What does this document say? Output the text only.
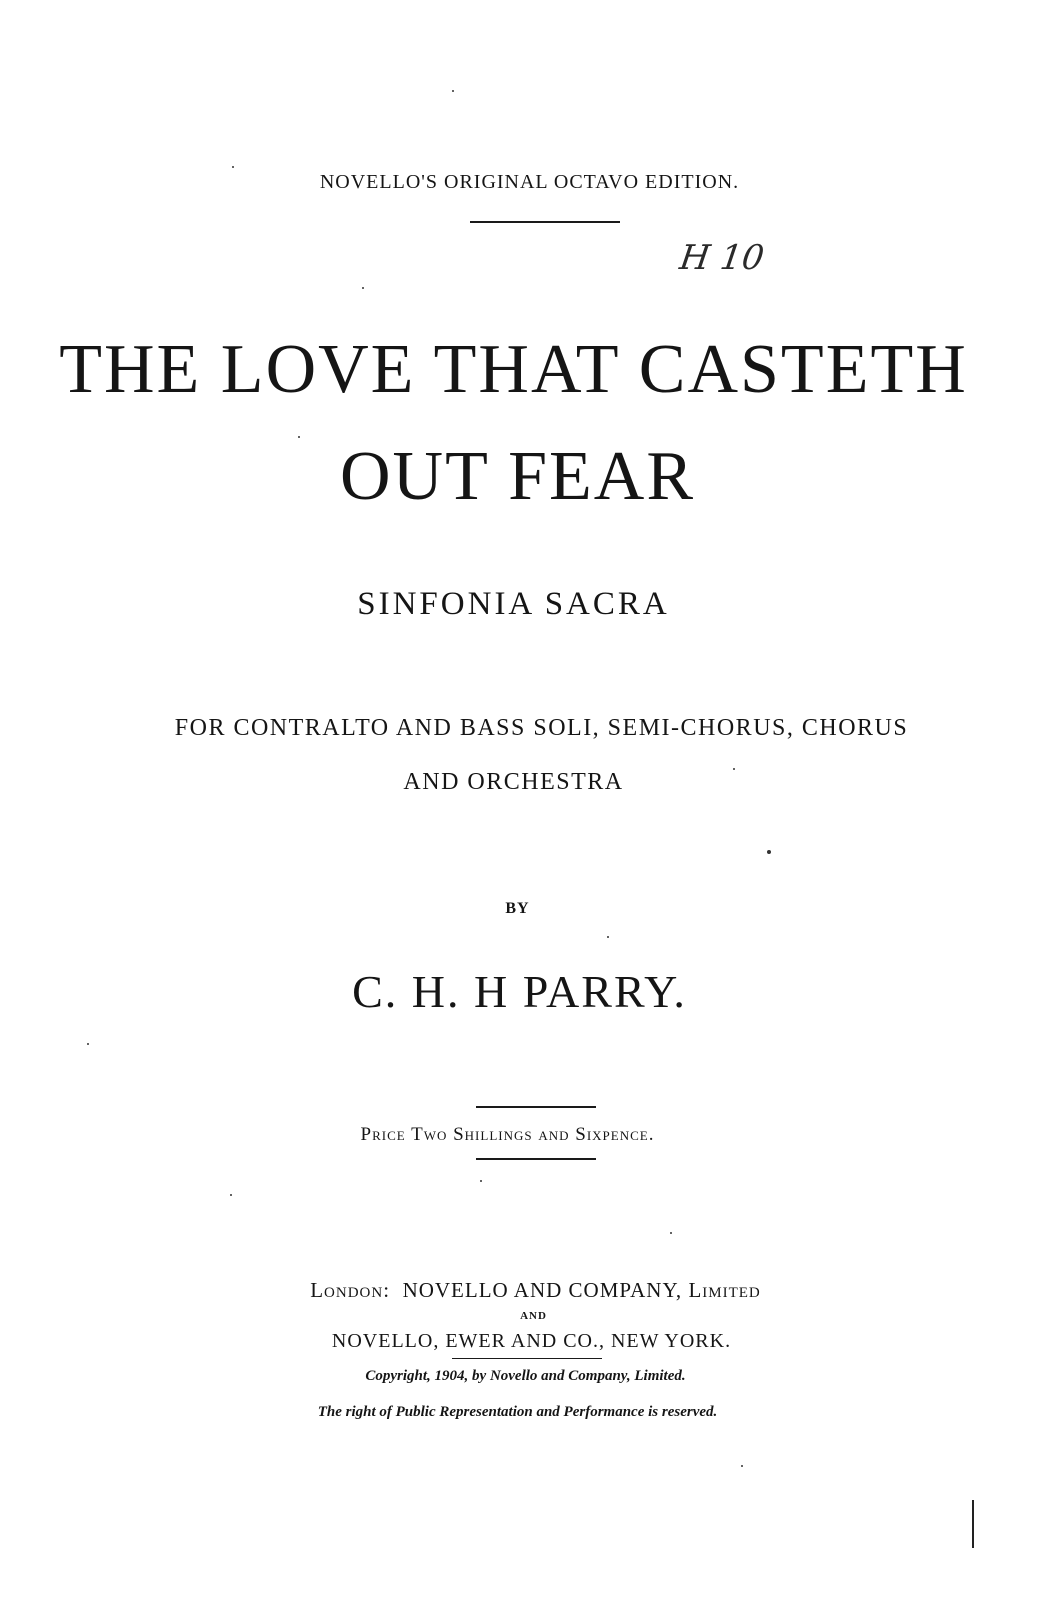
NOVELLO'S ORIGINAL OCTAVO EDITION.
H 10
THE LOVE THAT CASTETH
OUT FEAR
SINFONIA SACRA
FOR CONTRALTO AND BASS SOLI, SEMI-CHORUS, CHORUS
AND ORCHESTRA
BY
C. H. H PARRY.
Price Two Shillings and Sixpence.
London: NOVELLO AND COMPANY, Limited
AND
NOVELLO, EWER AND CO., NEW YORK.
Copyright, 1904, by Novello and Company, Limited.
The right of Public Representation and Performance is reserved.
